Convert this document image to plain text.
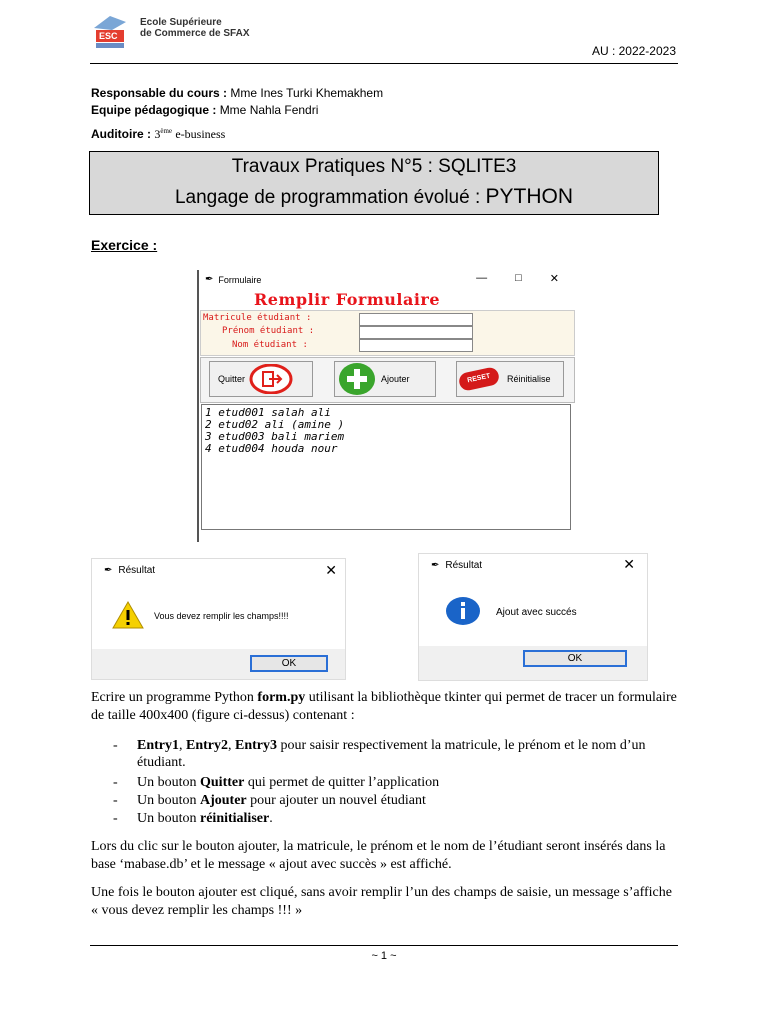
ESC
Ecole Supérieure
de Commerce de SFAX
AU : 2022-2023
Responsable du cours : Mme Ines Turki Khemakhem
Equipe pédagogique : Mme Nahla Fendri
Auditoire : 3ème e-business
Travaux Pratiques N°5 : SQLITE3
Langage de programmation évolué : PYTHON
Exercice :
✒ Formulaire	—	□	✕
Remplir Formulaire
Matricule étudiant :
Prénom étudiant :
Nom étudiant :
Quitter	Ajouter	RESET	Réinitialise
1 etud001 salah ali
2 etud02 ali (amine )
3 etud003 bali mariem
4 etud004 houda nour
✒ Résultat	✕
Vous devez remplir les champs!!!!
OK
✒ Résultat	✕
Ajout avec succés
OK
Ecrire un programme Python form.py utilisant la bibliothèque tkinter qui permet de tracer un formulaire de taille 400x400 (figure ci-dessus) contenant :
- Entry1, Entry2, Entry3 pour saisir respectivement la matricule, le prénom et le nom d’un étudiant.
- Un bouton Quitter qui permet de quitter l’application
- Un bouton Ajouter pour ajouter un nouvel étudiant
- Un bouton réinitialiser.
Lors du clic sur le bouton ajouter, la matricule, le prénom et le nom de l’étudiant seront insérés dans la base ‘mabase.db’ et le message « ajout avec succès » est affiché.
Une fois le bouton ajouter est cliqué, sans avoir remplir l’un des champs de saisie, un message s’affiche « vous devez remplir les champs !!! »
~ 1 ~
